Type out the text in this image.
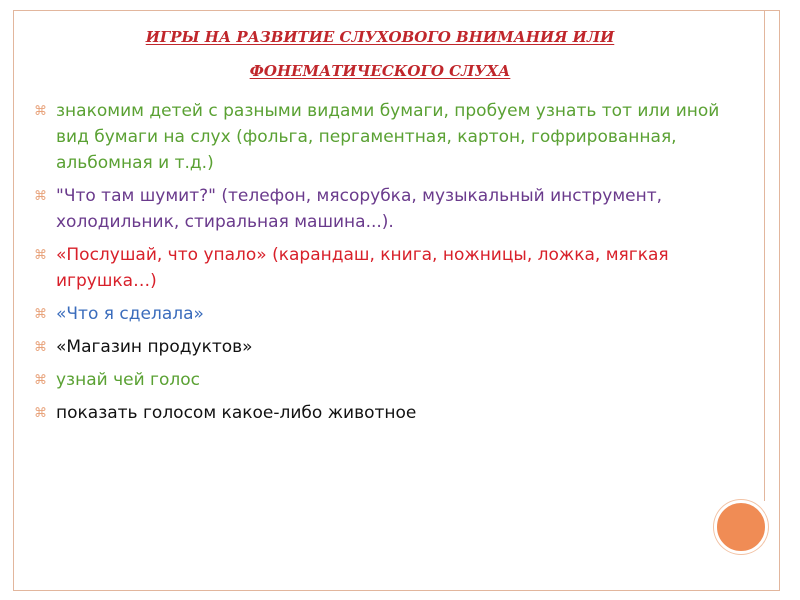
ИГРЫ НА РАЗВИТИЕ СЛУХОВОГО ВНИМАНИЯ ИЛИ
ФОНЕМАТИЧЕСКОГО СЛУХА
⌘ знакомим детей с разными видами бумаги, пробуем узнать тот или иной вид бумаги на слух (фольга, пергаментная, картон, гофрированная, альбомная и т.д.)
⌘ "Что там шумит?" (телефон, мясорубка, музыкальный инструмент, холодильник, стиральная машина...).
⌘ «Послушай, что упало» (карандаш, книга, ножницы, ложка, мягкая игрушка…)
⌘ «Что я сделала»
⌘ «Магазин продуктов»
⌘ узнай чей голос
⌘ показать голосом какое-либо животное
